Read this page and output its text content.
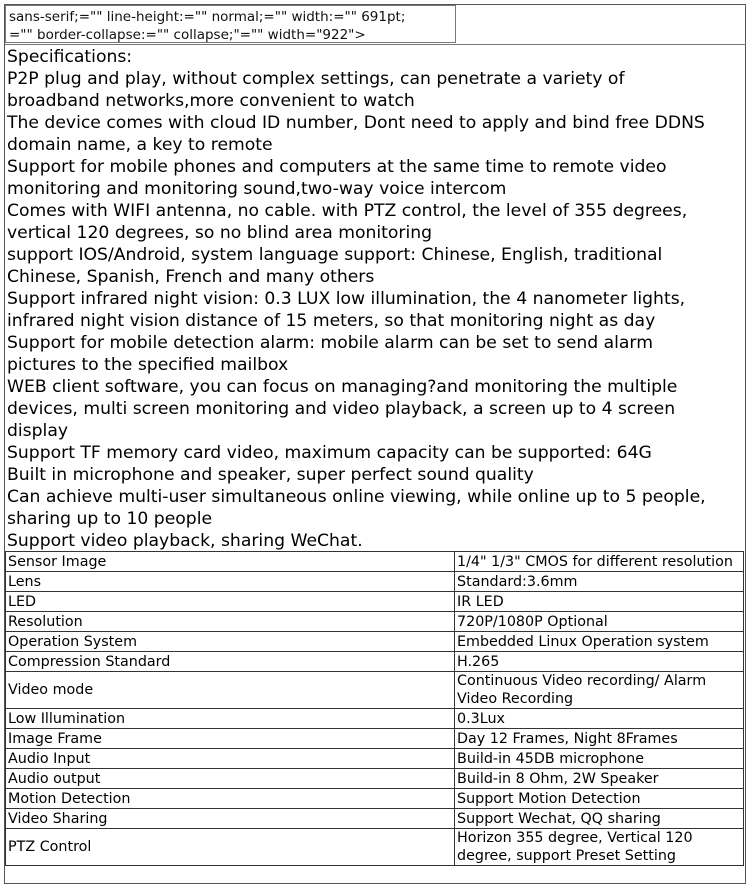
sans-serif;="" line-height:="" normal;="" width:="" 691pt;
="" border-collapse:="" collapse;"="" width="922">
Specifications:
P2P plug and play, without complex settings, can penetrate a variety of
broadband networks,more convenient to watch
The device comes with cloud ID number, Dont need to apply and bind free DDNS
domain name, a key to remote
Support for mobile phones and computers at the same time to remote video
monitoring and monitoring sound,two-way voice intercom
Comes with WIFI antenna, no cable. with PTZ control, the level of 355 degrees,
vertical 120 degrees, so no blind area monitoring
support IOS/Android, system language support: Chinese, English, traditional
Chinese, Spanish, French and many others
Support infrared night vision: 0.3 LUX low illumination, the 4 nanometer lights,
infrared night vision distance of 15 meters, so that monitoring night as day
Support for mobile detection alarm: mobile alarm can be set to send alarm
pictures to the specified mailbox
WEB client software, you can focus on managing?and monitoring the multiple
devices, multi screen monitoring and video playback, a screen up to 4 screen
display
Support TF memory card video, maximum capacity can be supported: 64G
Built in microphone and speaker, super perfect sound quality
Can achieve multi-user simultaneous online viewing, while online up to 5 people,
sharing up to 10 people
Support video playback, sharing WeChat.
Sensor Image	1/4" 1/3" CMOS for different resolution

Lens	Standard:3.6mm

LED	IR LED

Resolution	720P/1080P Optional

Operation System	Embedded Linux Operation system

Compression Standard	H.265

Video mode	Continuous Video recording/ Alarm
Video Recording

Low Illumination	0.3Lux

Image Frame	Day 12 Frames, Night 8Frames

Audio Input	Build-in 45DB microphone

Audio output	Build-in 8 Ohm, 2W Speaker

Motion Detection	Support Motion Detection

Video Sharing	Support Wechat, QQ sharing

PTZ Control	Horizon 355 degree, Vertical 120
degree, support Preset Setting
